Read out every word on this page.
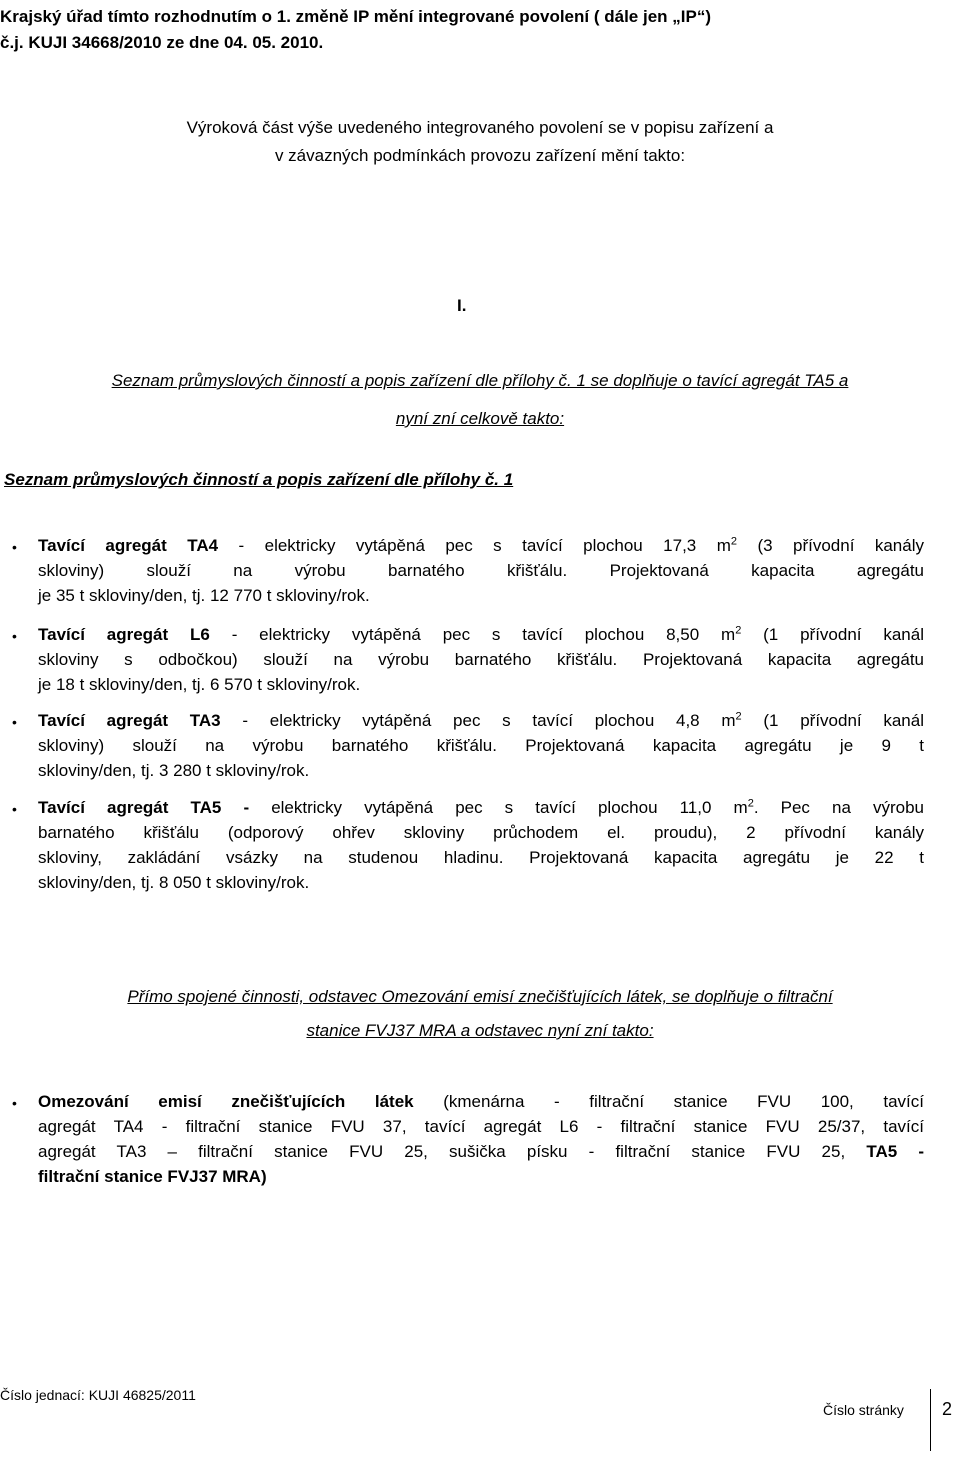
Krajský úřad tímto rozhodnutím o 1. změně IP mění integrované povolení ( dále jen „IP“)
č.j. KUJI 34668/2010 ze dne 04. 05. 2010.
Výroková část výše uvedeného integrovaného povolení se v popisu zařízení a
v závazných podmínkách provozu zařízení mění takto:
I.
Seznam průmyslových činností a popis zařízení dle přílohy č. 1 se doplňuje o tavící agregát TA5 a
nyní zní celkově takto:
Seznam průmyslových činností a popis zařízení dle přílohy č. 1
• Tavící agregát TA4 - elektricky vytápěná pec s tavící plochou 17,3 $m^2$ (3 přívodní kanály
skloviny) slouží na výrobu barnatého křišťálu. Projektovaná kapacita agregátu
je 35 t skloviny/den, tj. 12 770 t skloviny/rok.
• Tavící agregát L6 - elektricky vytápěná pec s tavící plochou 8,50 $m^2$ (1 přívodní kanál
skloviny s odbočkou) slouží na výrobu barnatého křišťálu. Projektovaná kapacita agregátu
je 18 t skloviny/den, tj. 6 570 t skloviny/rok.
• Tavící agregát TA3 - elektricky vytápěná pec s tavící plochou 4,8 $m^2$ (1 přívodní kanál
skloviny) slouží na výrobu barnatého křišťálu. Projektovaná kapacita agregátu je 9 t
skloviny/den, tj. 3 280 t skloviny/rok.
• Tavící agregát TA5 - elektricky vytápěná pec s tavící plochou 11,0 $m^2$. Pec na výrobu
barnatého křišťálu (odporový ohřev skloviny průchodem el. proudu), 2 přívodní kanály
skloviny, zakládání vsázky na studenou hladinu. Projektovaná kapacita agregátu je 22 t
skloviny/den, tj. 8 050 t skloviny/rok.
Přímo spojené činnosti, odstavec Omezování emisí znečišťujících látek, se doplňuje o filtrační
stanice FVJ37 MRA a odstavec nyní zní takto:
• Omezování emisí znečišťujících látek (kmenárna - filtrační stanice FVU 100, tavící
agregát TA4 - filtrační stanice FVU 37, tavící agregát L6 - filtrační stanice FVU 25/37, tavící
agregát TA3 – filtrační stanice FVU 25, sušička písku - filtrační stanice FVU 25, TA5 -
filtrační stanice FVJ37 MRA)
Číslo jednací: KUJI 46825/2011
Číslo stránky 2
